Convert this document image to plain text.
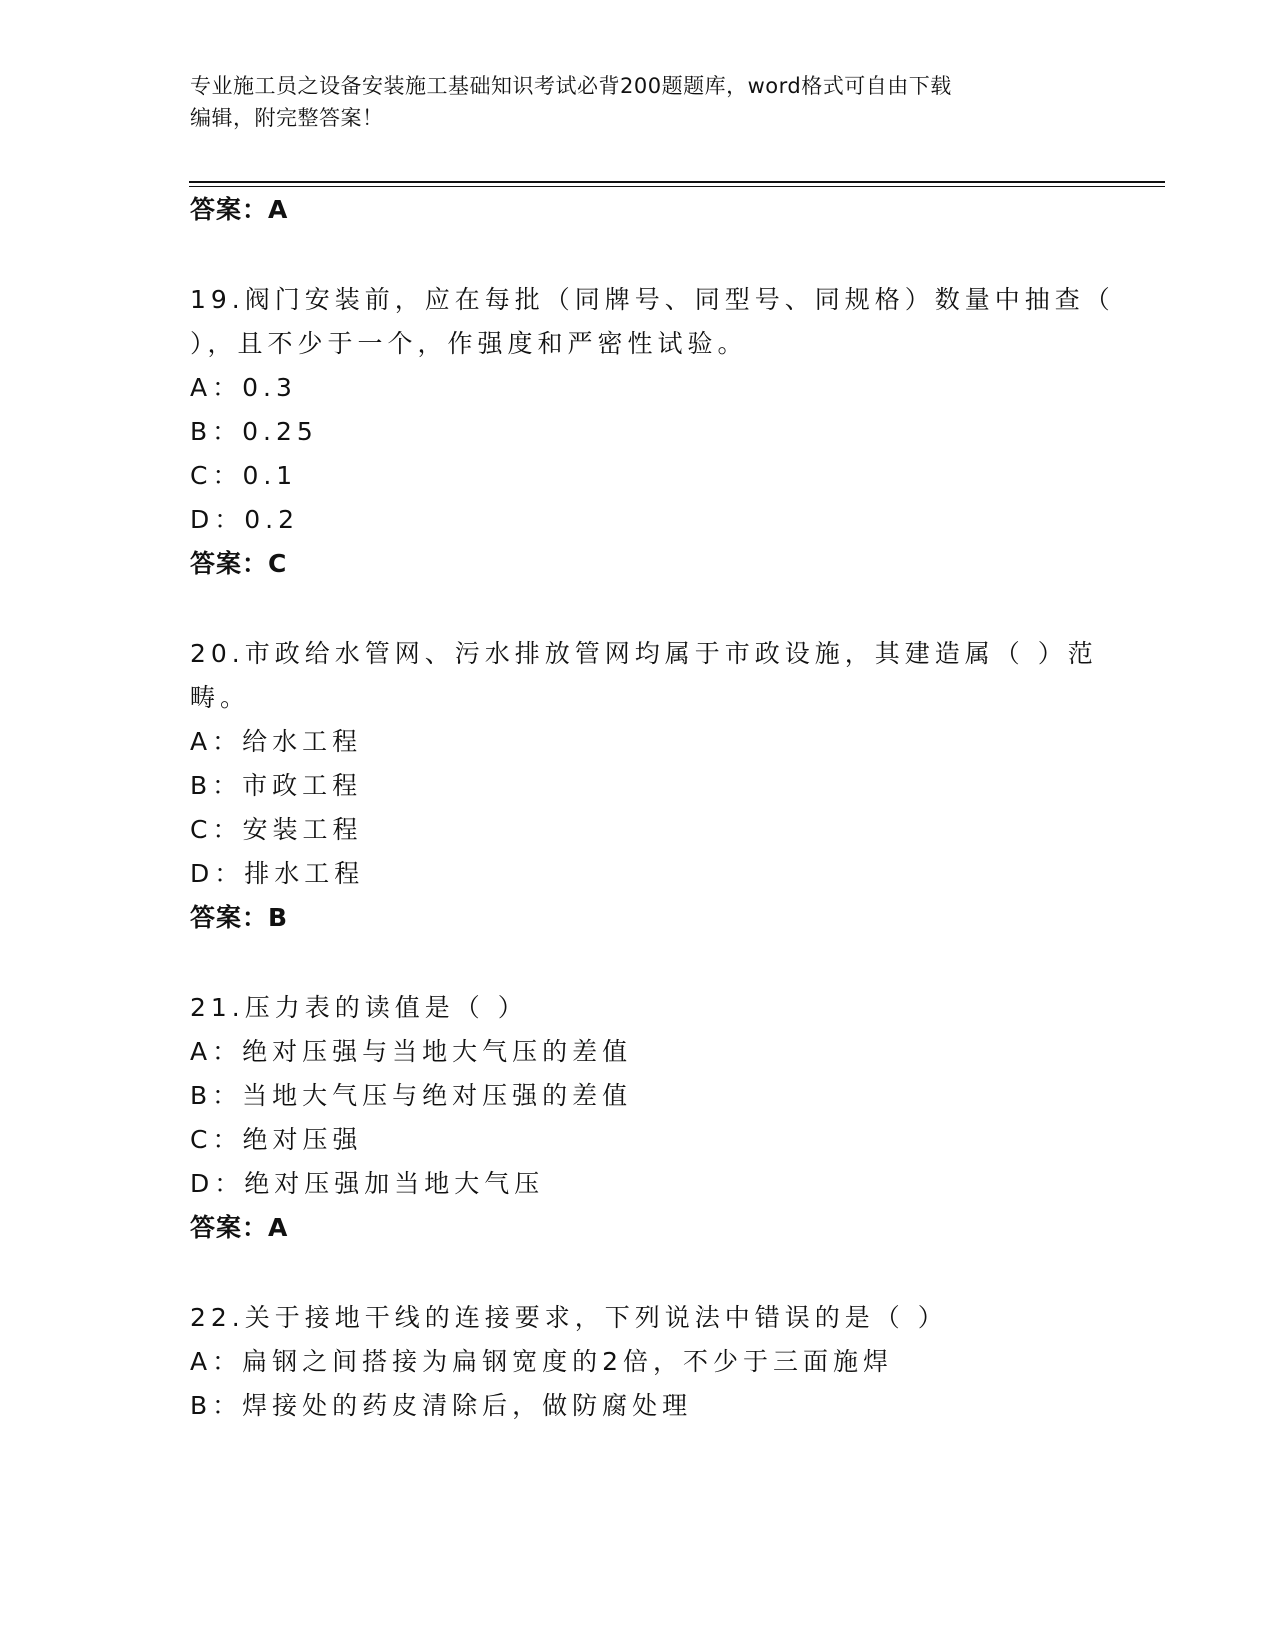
专业施工员之设备安装施工基础知识考试必背200题题库，word格式可自由下载
编辑，附完整答案！
答案：A
19.阀门安装前，应在每批（同牌号、同型号、同规格）数量中抽查（
），且不少于一个，作强度和严密性试验。
A：0.3
B：0.25
C：0.1
D：0.2
答案：C
20.市政给水管网、污水排放管网均属于市政设施，其建造属（ ）范
畴。
A：给水工程
B：市政工程
C：安装工程
D：排水工程
答案：B
21.压力表的读值是（ ）
A：绝对压强与当地大气压的差值
B：当地大气压与绝对压强的差值
C：绝对压强
D：绝对压强加当地大气压
答案：A
22.关于接地干线的连接要求，下列说法中错误的是（ ）
A：扁钢之间搭接为扁钢宽度的2倍，不少于三面施焊
B：焊接处的药皮清除后，做防腐处理
